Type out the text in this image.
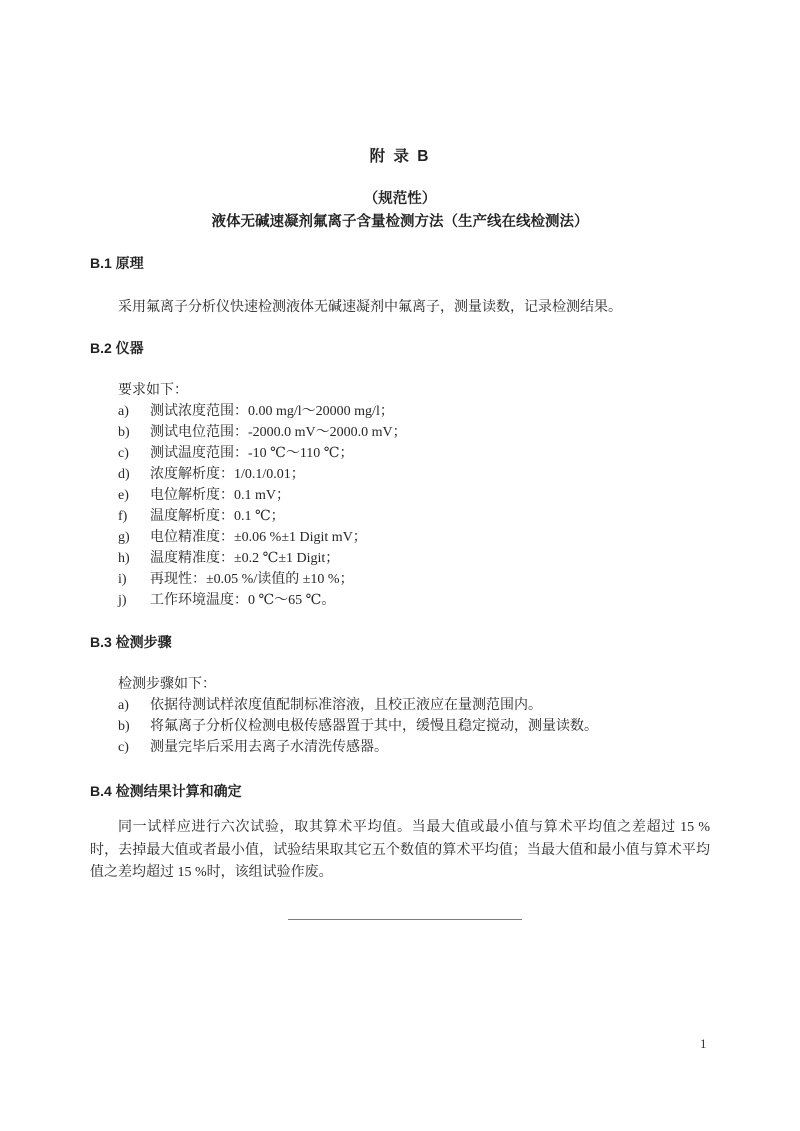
附 录 B
（规范性）
液体无碱速凝剂氟离子含量检测方法（生产线在线检测法）
B.1 原理
采用氟离子分析仪快速检测液体无碱速凝剂中氟离子，测量读数，记录检测结果。
B.2 仪器
要求如下：
a)	测试浓度范围：0.00 mg/l～20000 mg/l；
b)	测试电位范围：-2000.0 mV～2000.0 mV；
c)	测试温度范围：-10 ℃～110 ℃；
d)	浓度解析度：1/0.1/0.01；
e)	电位解析度：0.1 mV；
f)	温度解析度：0.1 ℃；
g)	电位精准度：±0.06 %±1 Digit mV；
h)	温度精准度：±0.2 ℃±1 Digit；
i)	再现性：±0.05 %/读值的 ±10 %；
j)	工作环境温度：0 ℃～65 ℃。
B.3 检测步骤
检测步骤如下：
a)	依据待测试样浓度值配制标准溶液，且校正液应在量测范围内。
b)	将氟离子分析仪检测电极传感器置于其中，缓慢且稳定搅动，测量读数。
c)	测量完毕后采用去离子水清洗传感器。
B.4 检测结果计算和确定
同一试样应进行六次试验，取其算术平均值。当最大值或最小值与算术平均值之差超过 15 %时，去掉最大值或者最小值，试验结果取其它五个数值的算术平均值；当最大值和最小值与算术平均值之差均超过 15 %时，该组试验作废。
1
